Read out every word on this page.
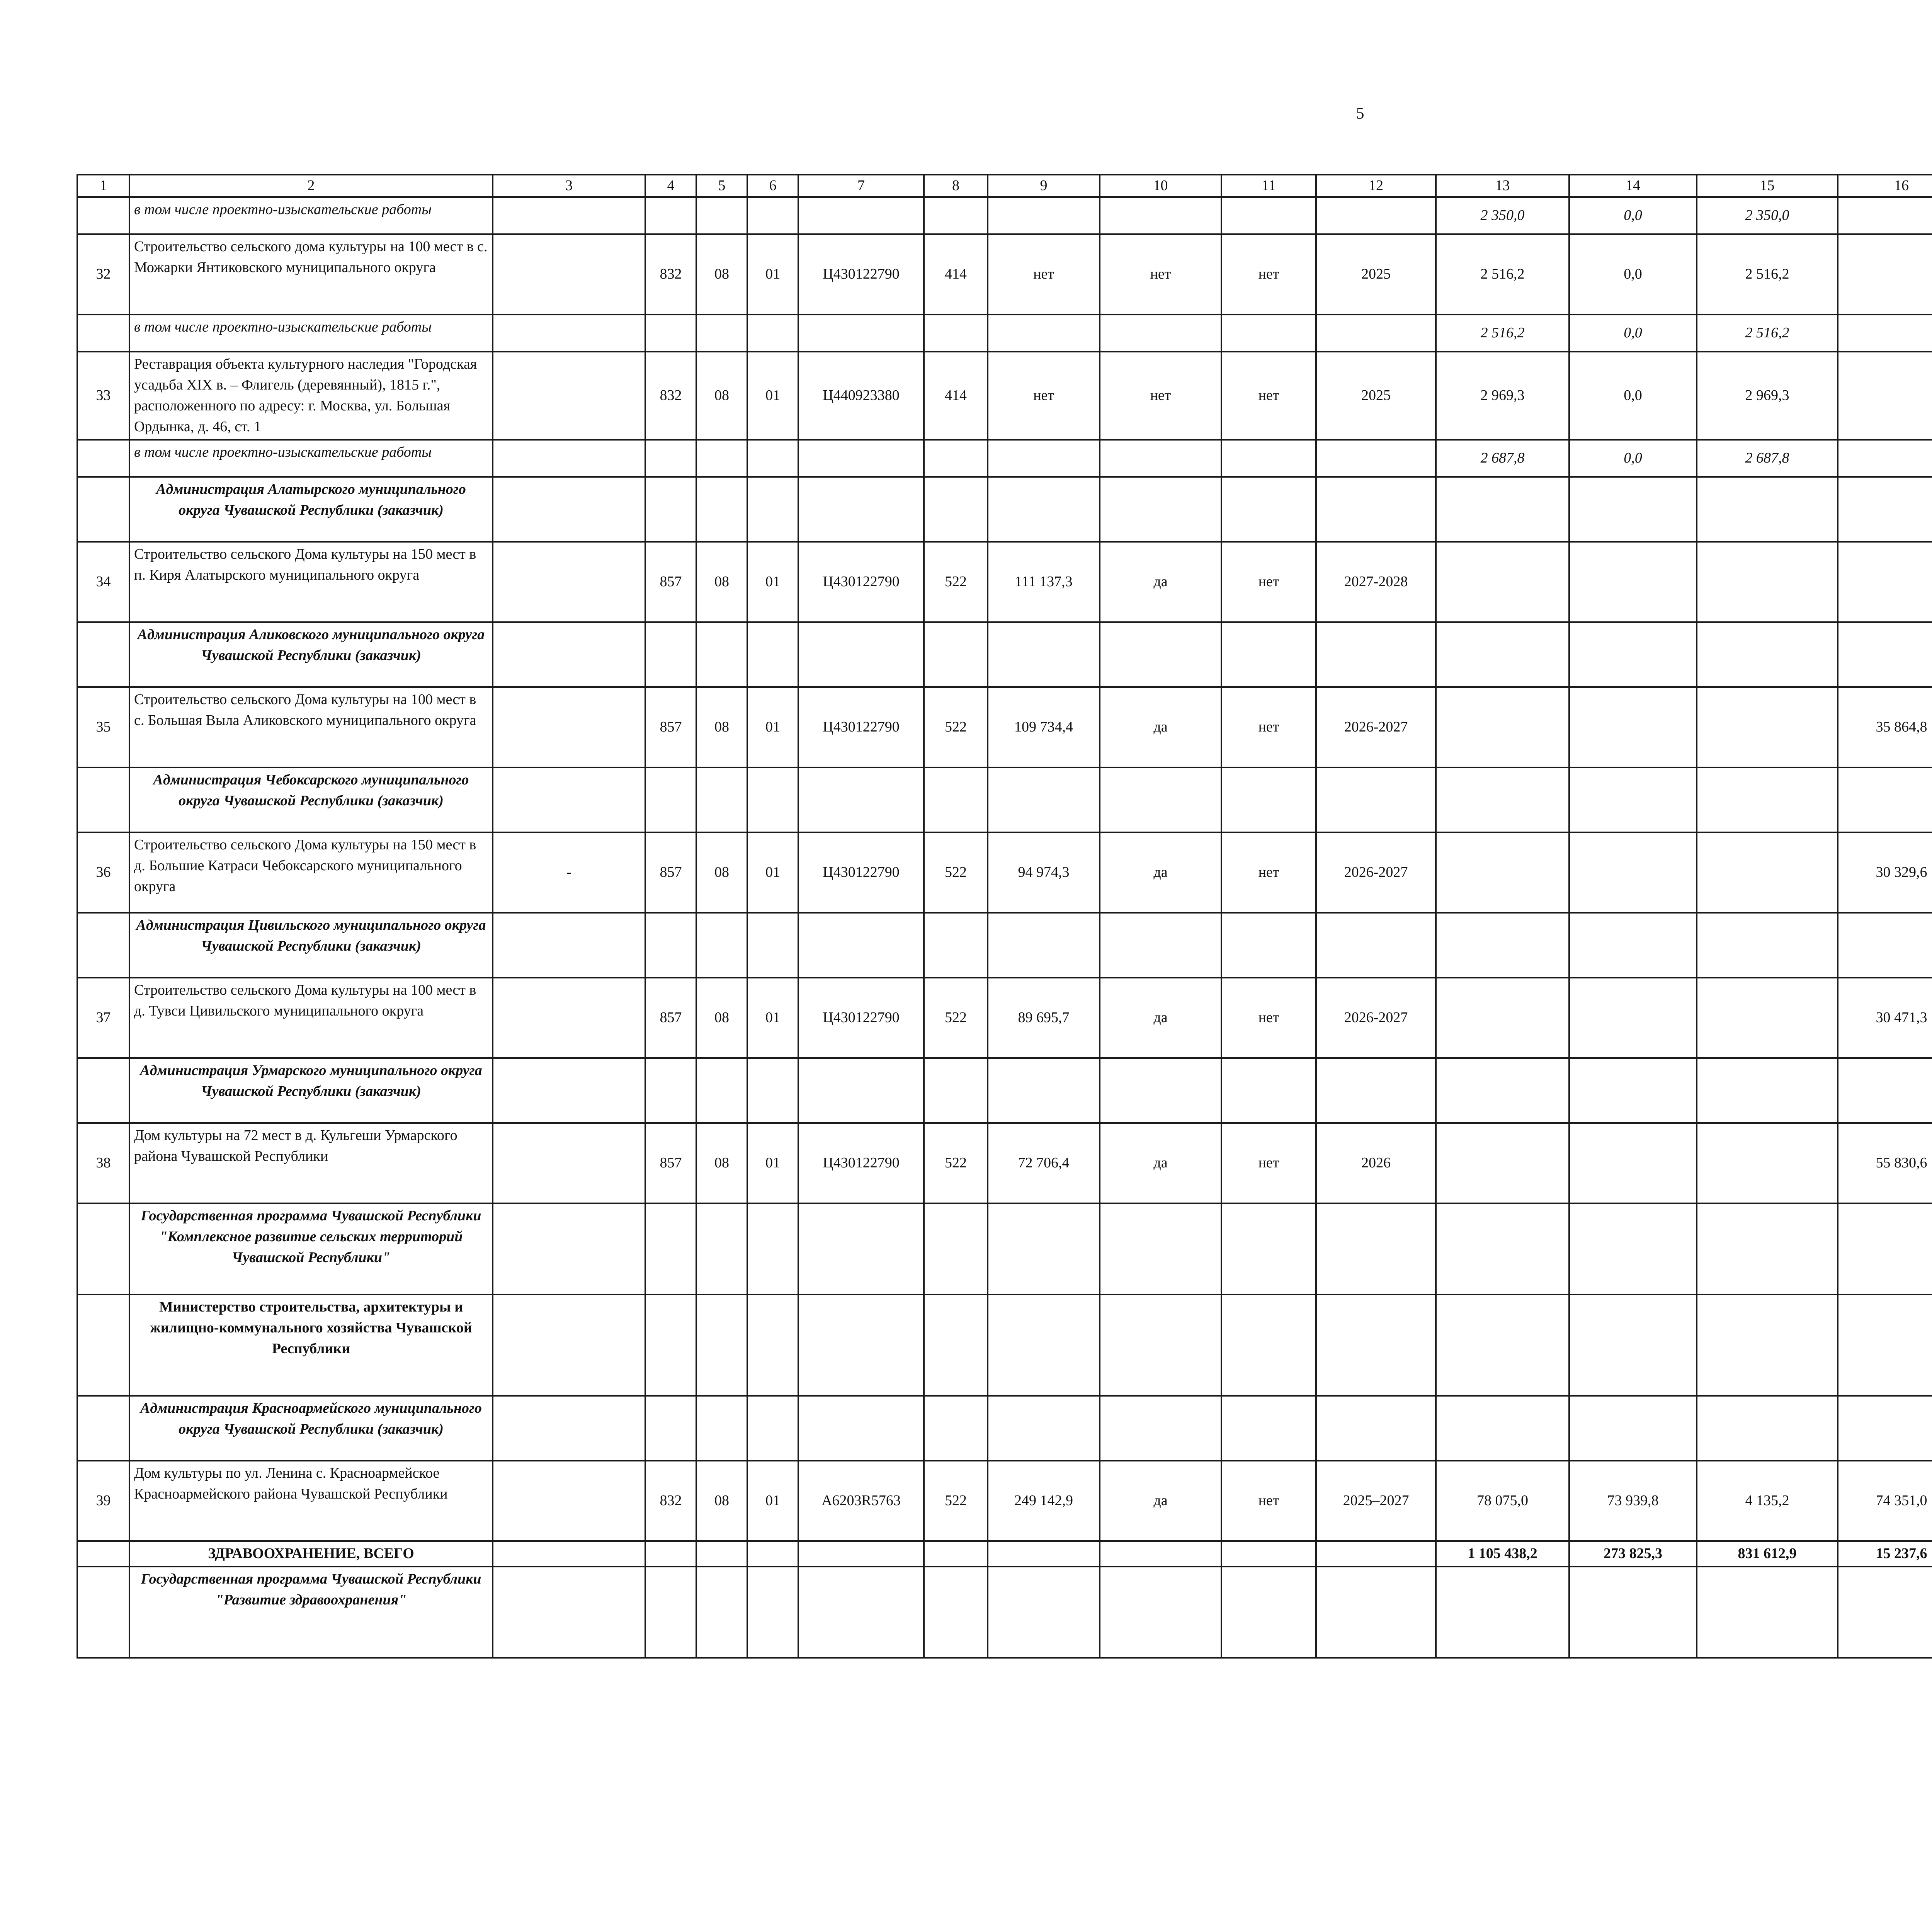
5
1	2	3	4	5	6	7	8	9	10	11	12	13	14	15	16					
	в том числе проектно-изыскательские работы											2 350,0	0,0	2 350,0						
32	Строительство сельского дома культуры на 100 мест в с. Можарки Янтиковского муниципального округа		832	08	01	Ц430122790	414	нет	нет	нет	2025	2 516,2	0,0	2 516,2						
	в том числе проектно-изыскательские работы											2 516,2	0,0	2 516,2						
33	Реставрация объекта культурного наследия "Городская усадьба XIX в. – Флигель (деревянный), 1815 г.", расположенного по адресу: г. Москва, ул. Большая Ордынка, д. 46, ст. 1		832	08	01	Ц440923380	414	нет	нет	нет	2025	2 969,3	0,0	2 969,3						
	в том числе проектно-изыскательские работы											2 687,8	0,0	2 687,8						
	Администрация Алатырского муниципального округа Чувашской Республики (заказчик)																			
34	Строительство сельского Дома культуры на 150 мест в п. Киря Алатырского муниципального округа		857	08	01	Ц430122790	522	111 137,3	да	нет	2027-2028									
	Администрация Аликовского муниципального округа Чувашской Республики (заказчик)																			
35	Строительство сельского Дома культуры на 100 мест в с. Большая Выла Аликовского муниципального округа		857	08	01	Ц430122790	522	109 734,4	да	нет	2026-2027				35 864,8					
	Администрация Чебоксарского муниципального округа Чувашской Республики (заказчик)																			
36	Строительство сельского Дома культуры на 150 мест в д. Большие Катраси Чебоксарского муниципального округа	-	857	08	01	Ц430122790	522	94 974,3	да	нет	2026-2027				30 329,6					
	Администрация Цивильского муниципального округа Чувашской Республики (заказчик)																			
37	Строительство сельского Дома культуры на 100 мест в д. Тувси Цивильского муниципального округа		857	08	01	Ц430122790	522	89 695,7	да	нет	2026-2027				30 471,3					
	Администрация Урмарского муниципального округа Чувашской Республики (заказчик)																			
38	Дом культуры на 72 мест в д. Кульгеши Урмарского района Чувашской Республики		857	08	01	Ц430122790	522	72 706,4	да	нет	2026				55 830,6					
	Государственная программа Чувашской Республики "Комплексное развитие сельских территорий Чувашской Республики"																			
	Министерство строительства, архитектуры и жилищно-коммунального хозяйства Чувашской Республики																			
	Администрация Красноармейского муниципального округа Чувашской Республики (заказчик)																			
39	Дом культуры по ул. Ленина с. Красноармейское Красноармейского района Чувашской Республики		832	08	01	А6203R5763	522	249 142,9	да	нет	2025–2027	78 075,0	73 939,8	4 135,2	74 351,0					
	ЗДРАВООХРАНЕНИЕ, ВСЕГО											1 105 438,2	273 825,3	831 612,9	15 237,6					
	Государственная программа Чувашской Республики "Развитие здравоохранения"																			
